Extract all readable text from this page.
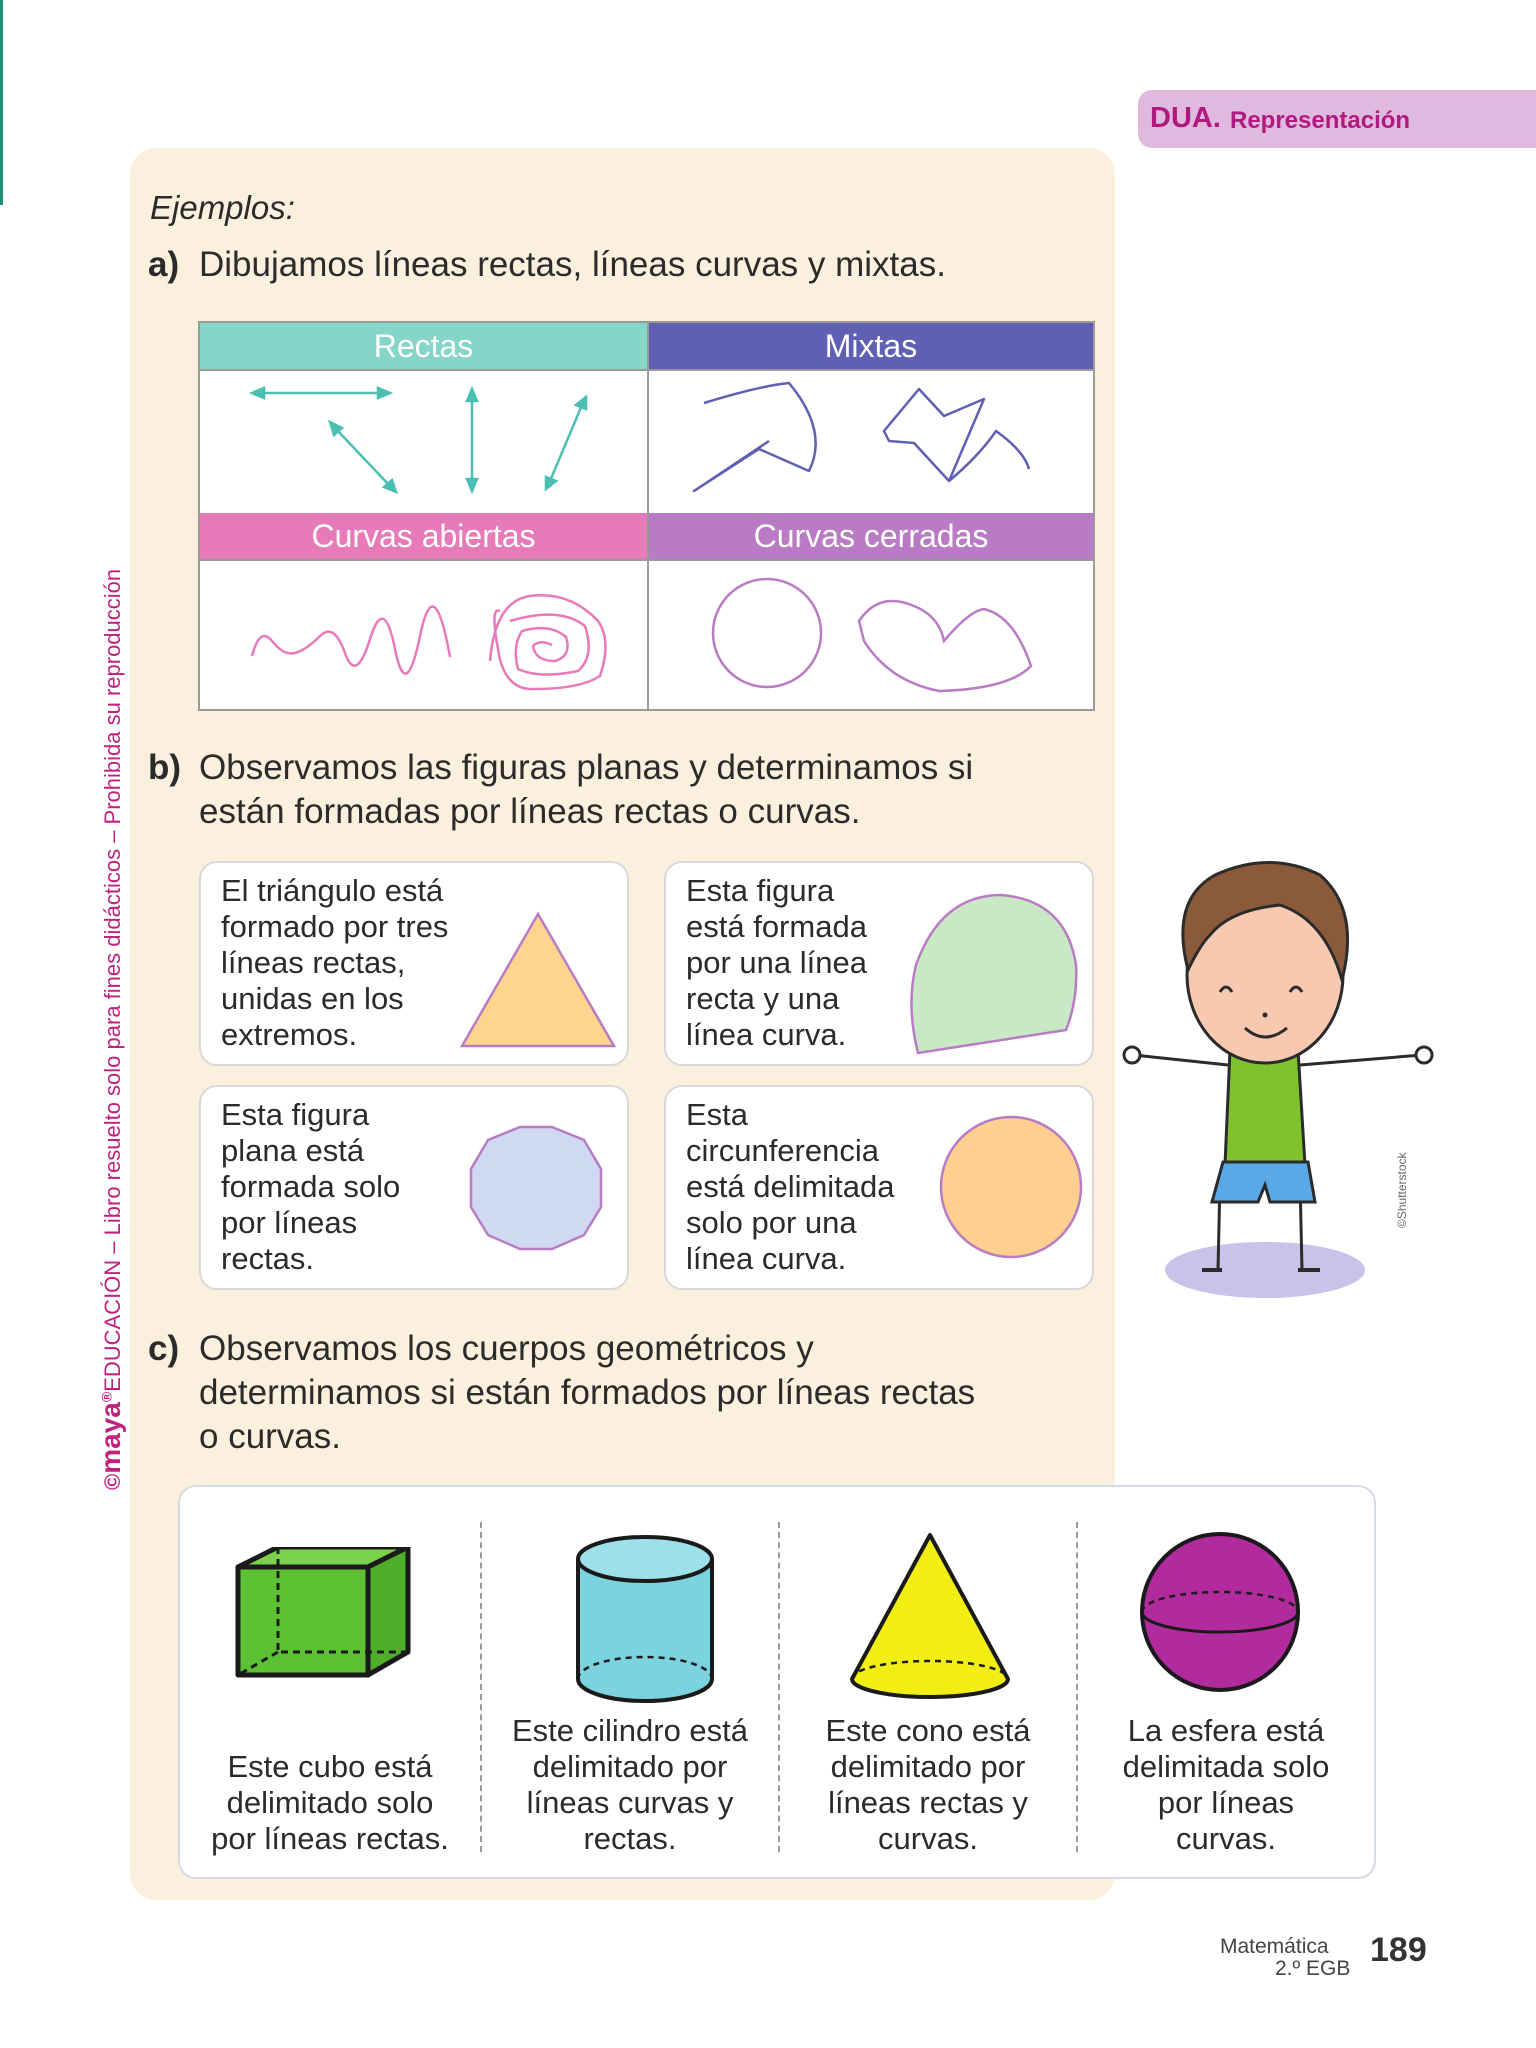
DUA. Representación
Ejemplos:
a) Dibujamos líneas rectas, líneas curvas y mixtas.
Rectas	Mixtas
Curvas abiertas	Curvas cerradas
b) Observamos las figuras planas y determinamos si
están formadas por líneas rectas o curvas.
El triángulo está
formado por tres
líneas rectas,
unidas en los
extremos.
Esta figura
está formada
por una línea
recta y una
línea curva.
Esta figura
plana está
formada solo
por líneas
rectas.
Esta
circunferencia
está delimitada
solo por una
línea curva.
©Shutterstock
c) Observamos los cuerpos geométricos y
determinamos si están formados por líneas rectas
o curvas.
Este cubo está
delimitado solo
por líneas rectas.
Este cilindro está
delimitado por
líneas curvas y
rectas.
Este cono está
delimitado por
líneas rectas y
curvas.
La esfera está
delimitada solo
por líneas
curvas.
©maya®EDUCACIÓN – Libro resuelto solo para fines didácticos – Prohibida su reproducción
Matemática
2.º EGB 189
